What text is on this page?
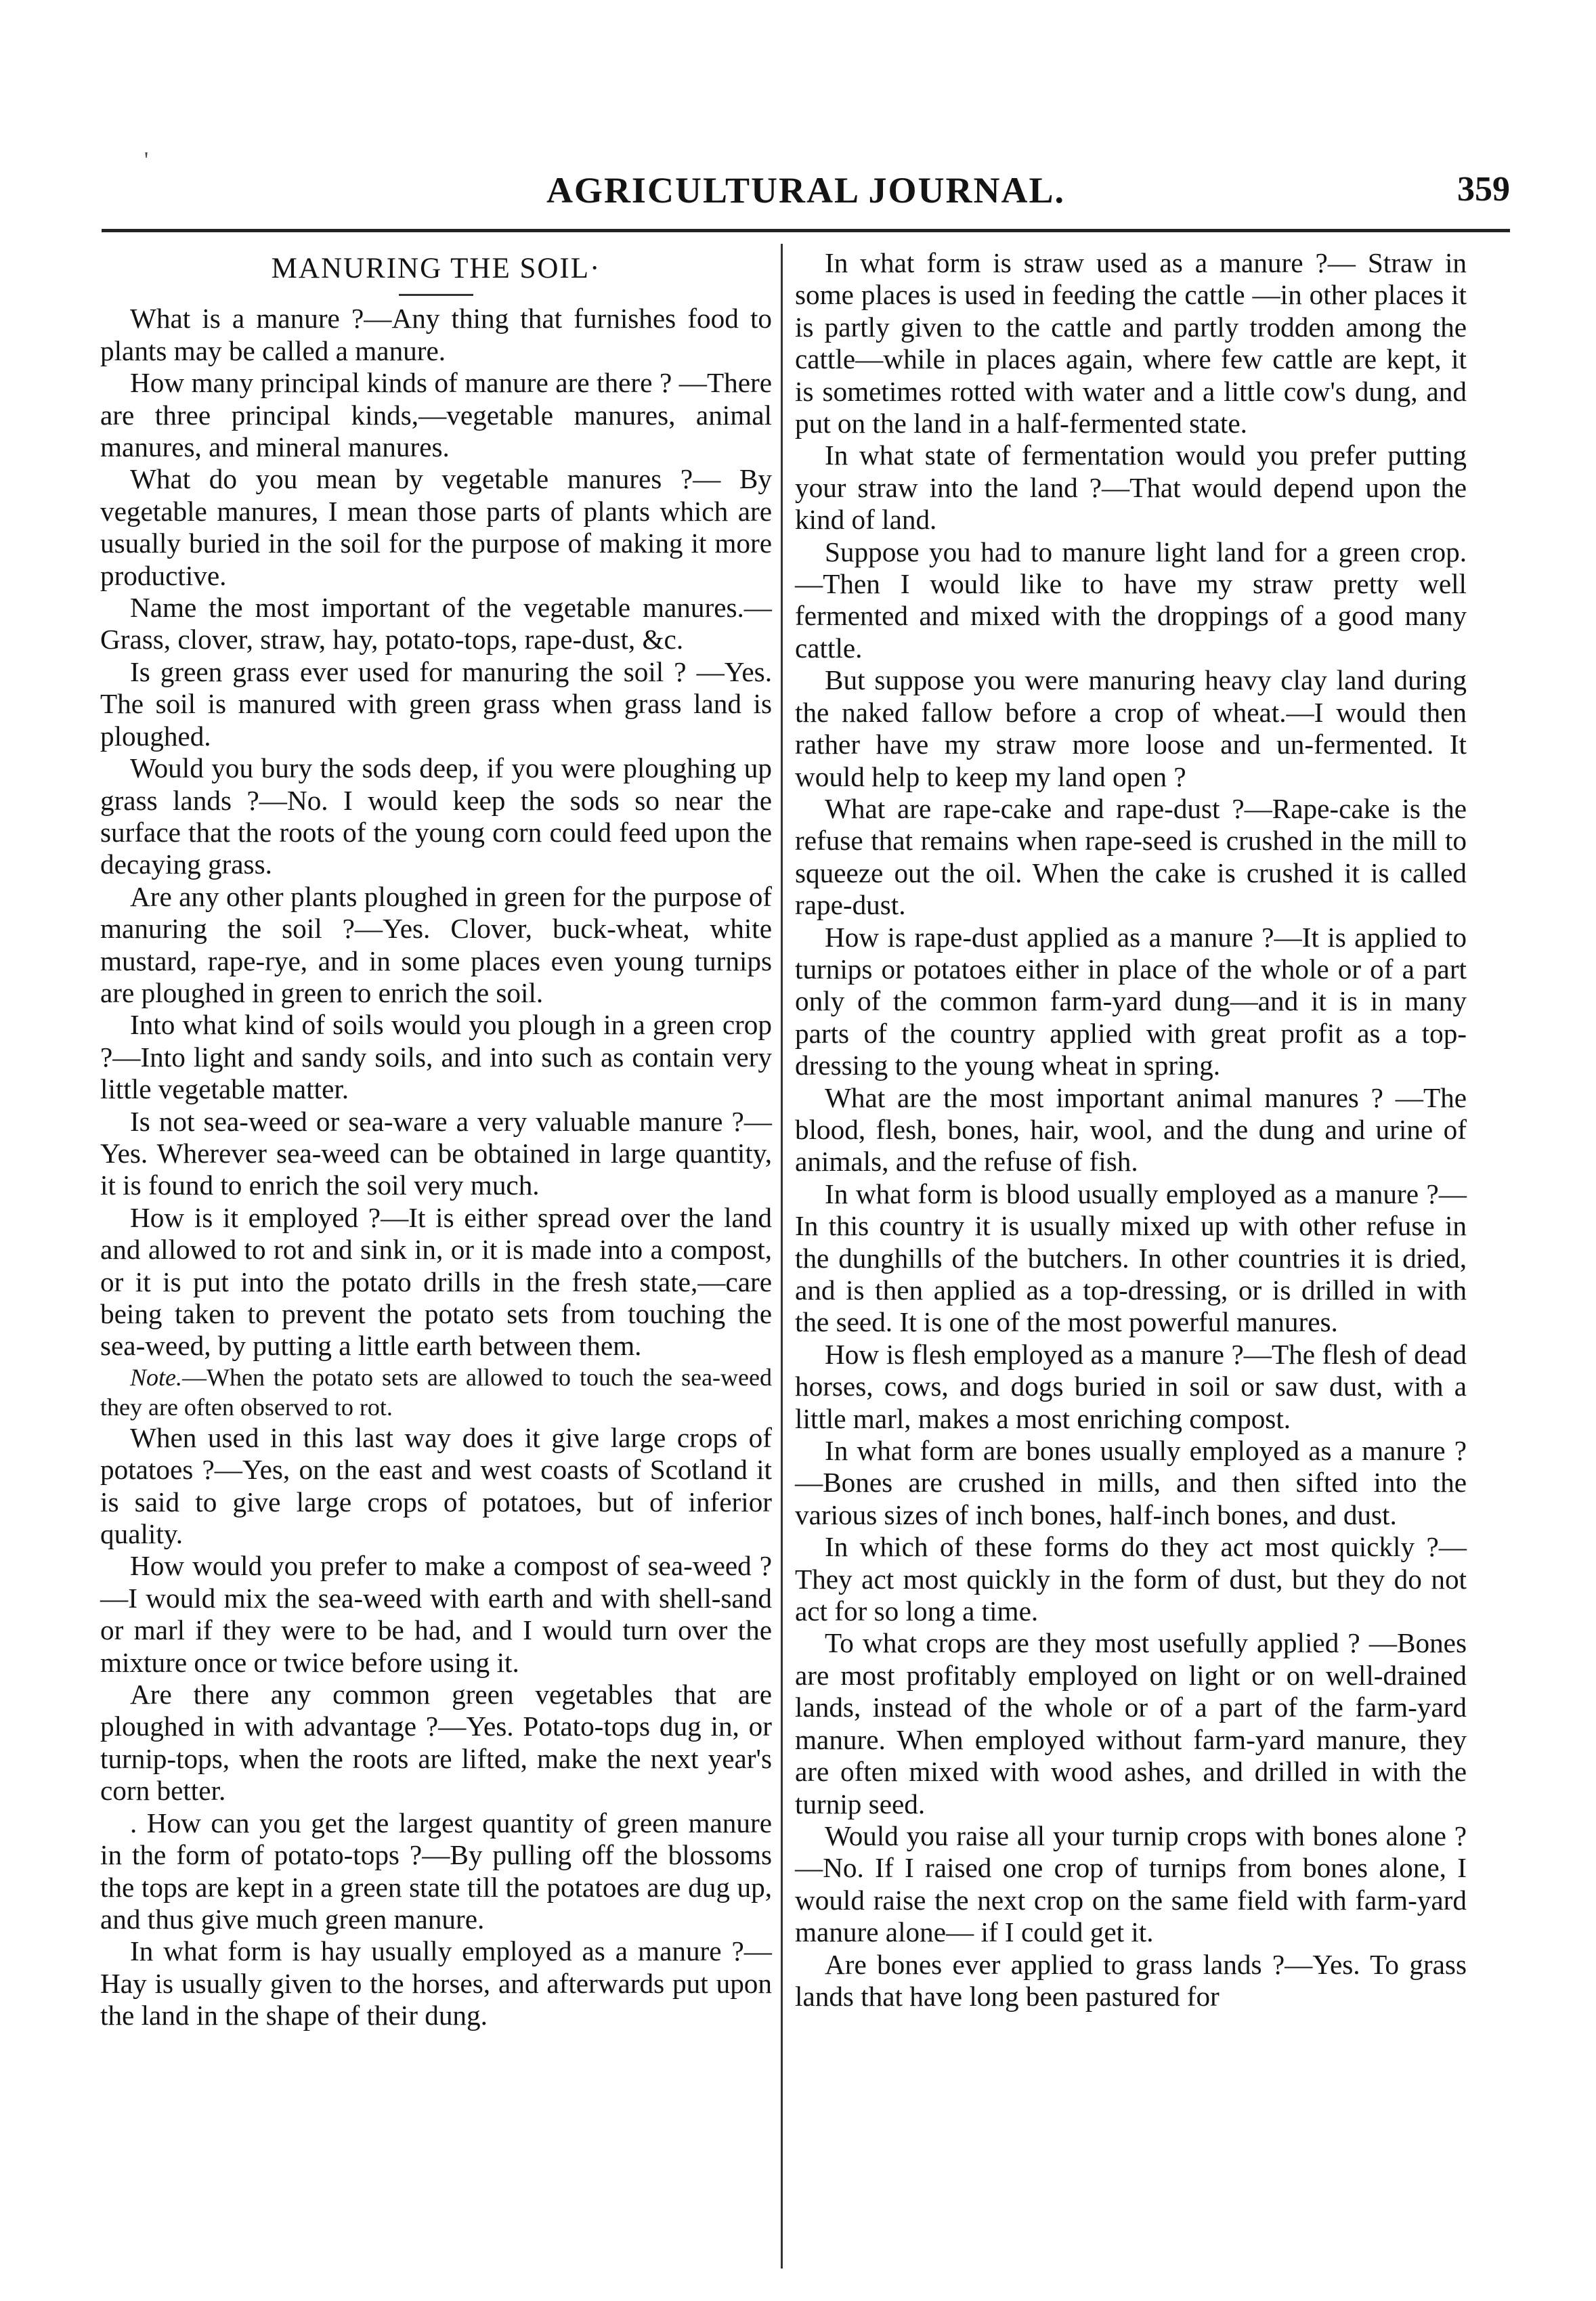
'
AGRICULTURAL JOURNAL.	359
MANURING THE SOIL·

What is a manure ?—Any thing that furnishes food to plants may be called a manure.

How many principal kinds of manure are there ? —There are three principal kinds,—vegetable manures, animal manures, and mineral manures.

What do you mean by vegetable manures ?— By vegetable manures, I mean those parts of plants which are usually buried in the soil for the purpose of making it more productive.

Name the most important of the vegetable manures.—Grass, clover, straw, hay, potato-tops, rape-dust, &c.

Is green grass ever used for manuring the soil ? —Yes. The soil is manured with green grass when grass land is ploughed.

Would you bury the sods deep, if you were ploughing up grass lands ?—No. I would keep the sods so near the surface that the roots of the young corn could feed upon the decaying grass.

Are any other plants ploughed in green for the purpose of manuring the soil ?—Yes. Clover, buck-wheat, white mustard, rape-rye, and in some places even young turnips are ploughed in green to enrich the soil.

Into what kind of soils would you plough in a green crop ?—Into light and sandy soils, and into such as contain very little vegetable matter.

Is not sea-weed or sea-ware a very valuable manure ?—Yes. Wherever sea-weed can be obtained in large quantity, it is found to enrich the soil very much.

How is it employed ?—It is either spread over the land and allowed to rot and sink in, or it is made into a compost, or it is put into the potato drills in the fresh state,—care being taken to prevent the potato sets from touching the sea-weed, by putting a little earth between them.

Note.—When the potato sets are allowed to touch the sea-weed they are often observed to rot.

When used in this last way does it give large crops of potatoes ?—Yes, on the east and west coasts of Scotland it is said to give large crops of potatoes, but of inferior quality.

How would you prefer to make a compost of sea-weed ?—I would mix the sea-weed with earth and with shell-sand or marl if they were to be had, and I would turn over the mixture once or twice before using it.

Are there any common green vegetables that are ploughed in with advantage ?—Yes. Potato-tops dug in, or turnip-tops, when the roots are lifted, make the next year's corn better.

. How can you get the largest quantity of green manure in the form of potato-tops ?—By pulling off the blossoms the tops are kept in a green state till the potatoes are dug up, and thus give much green manure.

In what form is hay usually employed as a manure ?—Hay is usually given to the horses, and afterwards put upon the land in the shape of their dung.

In what form is straw used as a manure ?— Straw in some places is used in feeding the cattle —in other places it is partly given to the cattle and partly trodden among the cattle—while in places again, where few cattle are kept, it is sometimes rotted with water and a little cow's dung, and put on the land in a half-fermented state.

In what state of fermentation would you prefer putting your straw into the land ?—That would depend upon the kind of land.

Suppose you had to manure light land for a green crop.—Then I would like to have my straw pretty well fermented and mixed with the droppings of a good many cattle.

But suppose you were manuring heavy clay land during the naked fallow before a crop of wheat.—I would then rather have my straw more loose and un-fermented. It would help to keep my land open ?

What are rape-cake and rape-dust ?—Rape-cake is the refuse that remains when rape-seed is crushed in the mill to squeeze out the oil. When the cake is crushed it is called rape-dust.

How is rape-dust applied as a manure ?—It is applied to turnips or potatoes either in place of the whole or of a part only of the common farm-yard dung—and it is in many parts of the country applied with great profit as a top-dressing to the young wheat in spring.

What are the most important animal manures ? —The blood, flesh, bones, hair, wool, and the dung and urine of animals, and the refuse of fish.

In what form is blood usually employed as a manure ?—In this country it is usually mixed up with other refuse in the dunghills of the butchers. In other countries it is dried, and is then applied as a top-dressing, or is drilled in with the seed. It is one of the most powerful manures.

How is flesh employed as a manure ?—The flesh of dead horses, cows, and dogs buried in soil or saw dust, with a little marl, makes a most enriching compost.

In what form are bones usually employed as a manure ?—Bones are crushed in mills, and then sifted into the various sizes of inch bones, half-inch bones, and dust.

In which of these forms do they act most quickly ?—They act most quickly in the form of dust, but they do not act for so long a time.

To what crops are they most usefully applied ? —Bones are most profitably employed on light or on well-drained lands, instead of the whole or of a part of the farm-yard manure. When employed without farm-yard manure, they are often mixed with wood ashes, and drilled in with the turnip seed.

Would you raise all your turnip crops with bones alone ?—No. If I raised one crop of turnips from bones alone, I would raise the next crop on the same field with farm-yard manure alone— if I could get it.

Are bones ever applied to grass lands ?—Yes. To grass lands that have long been pastured for
